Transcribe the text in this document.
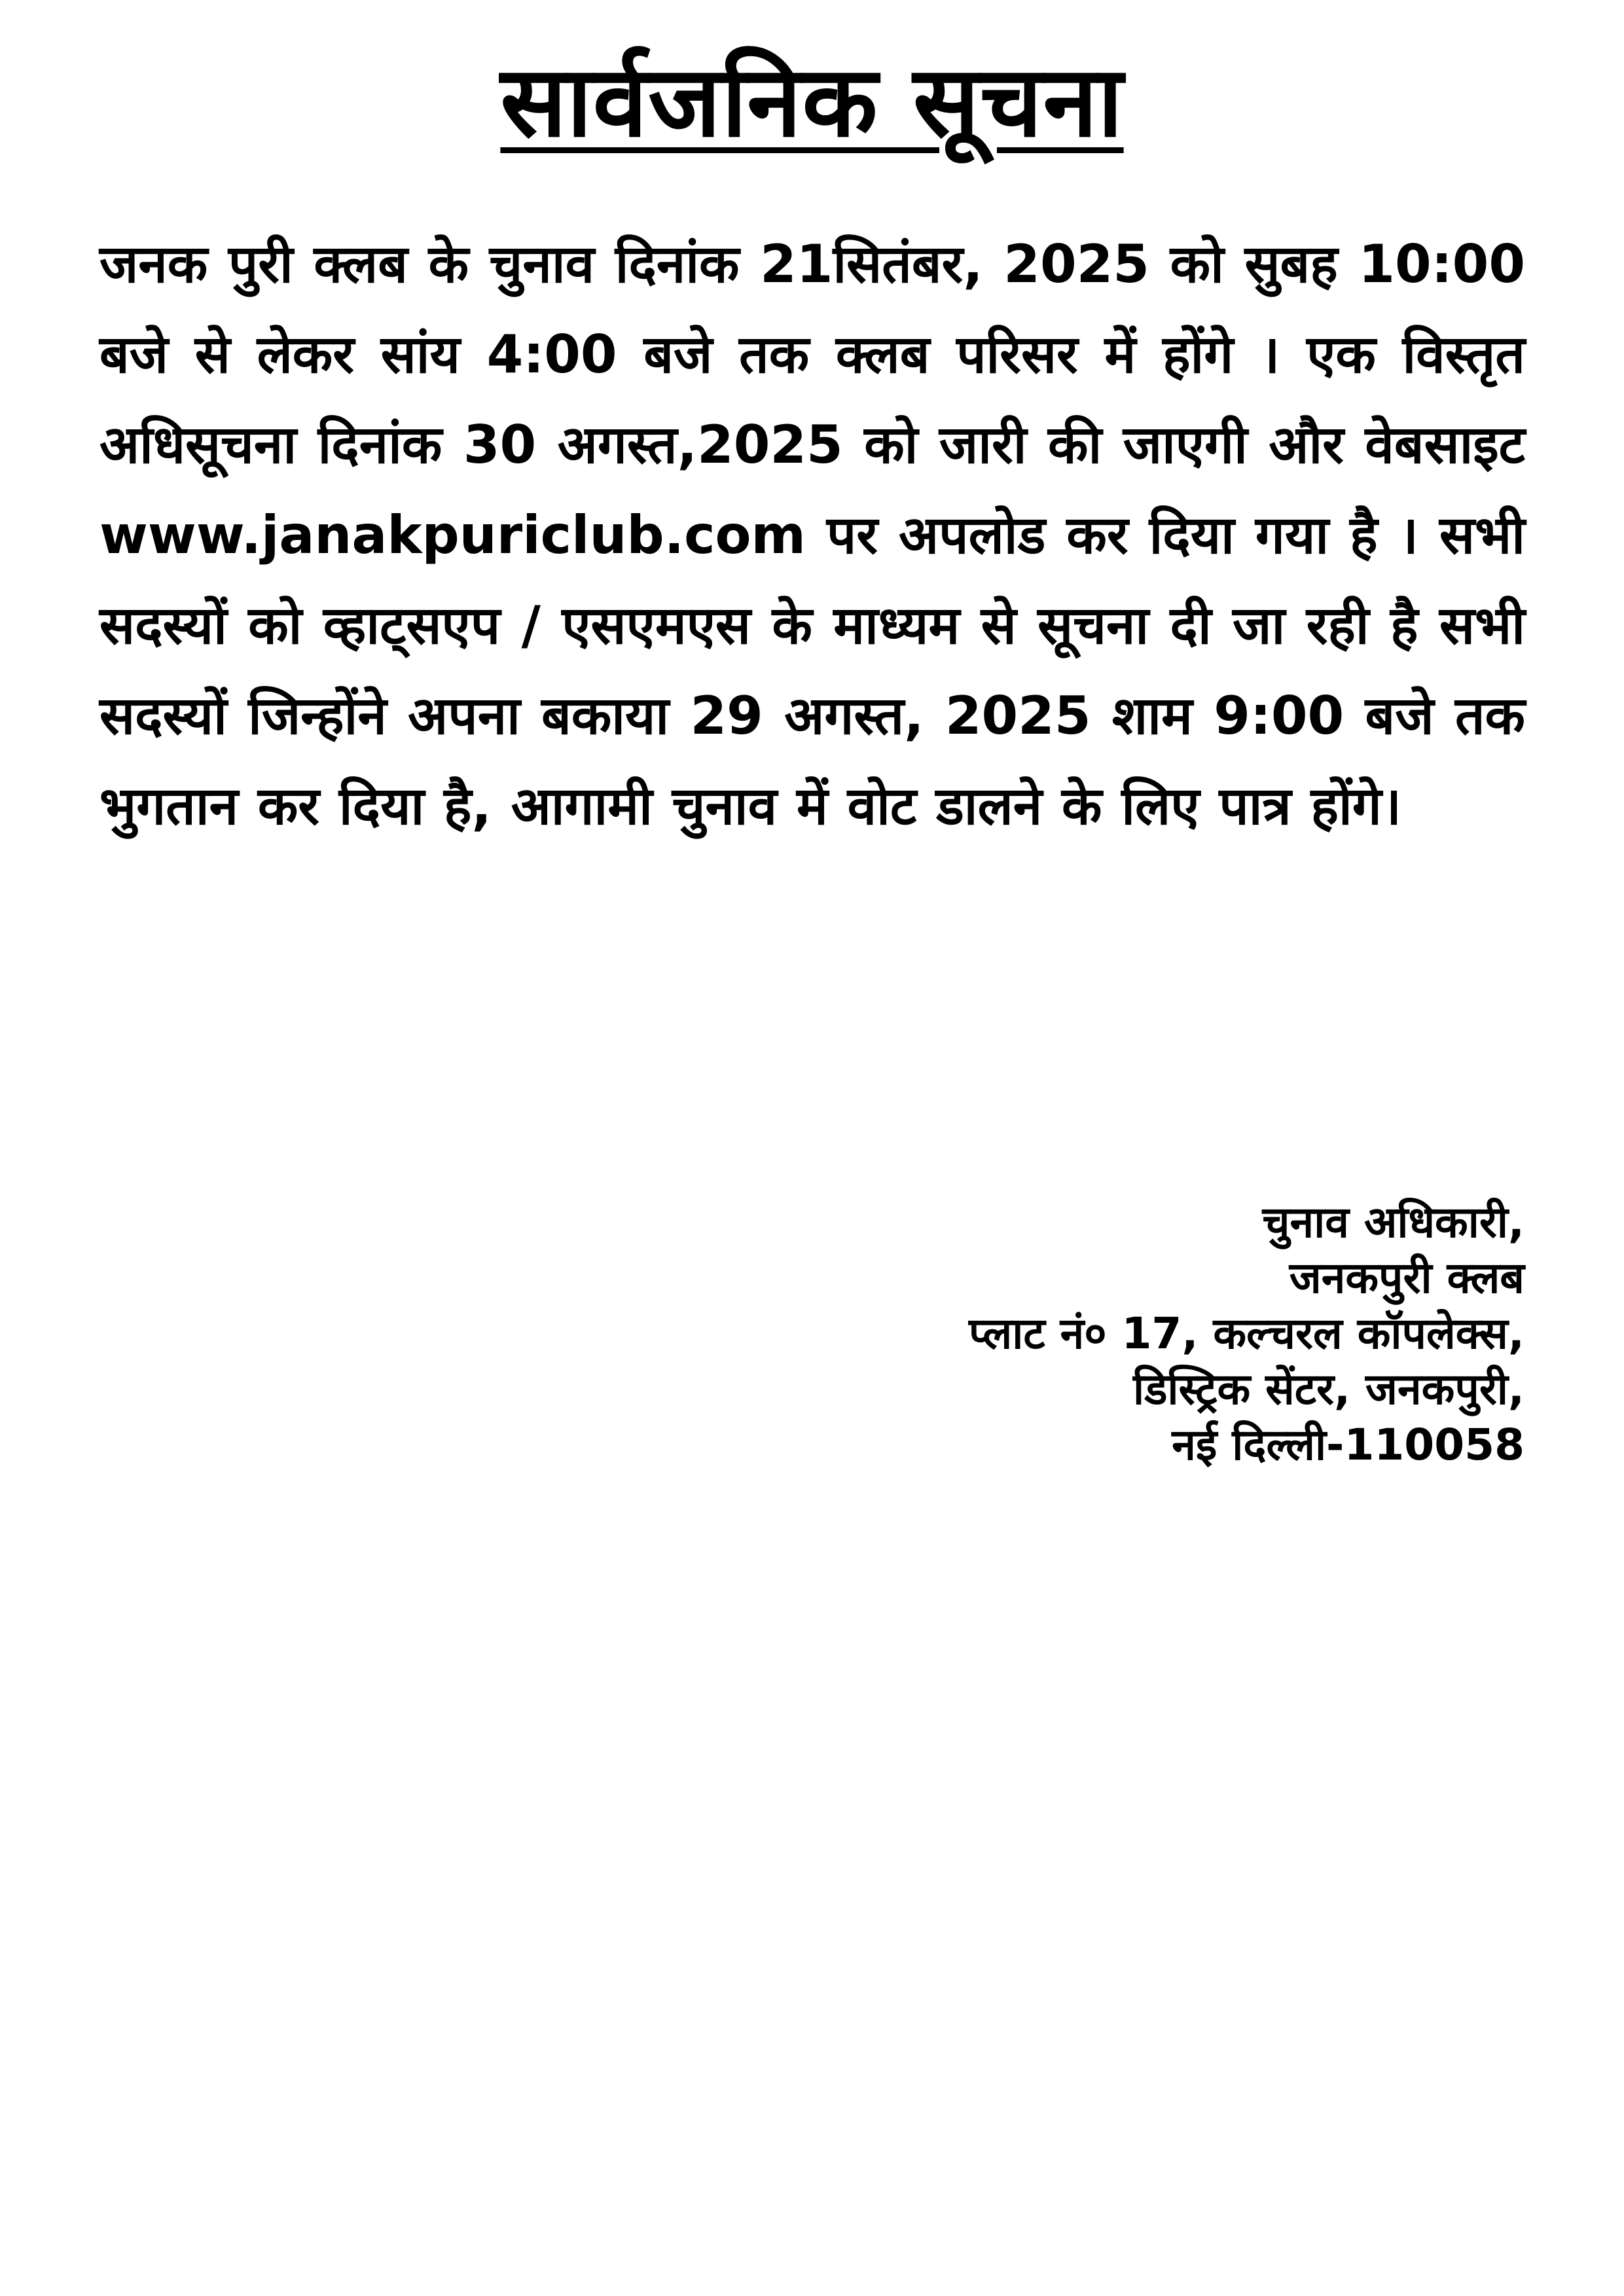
सार्वजनिक सूचना
जनक पुरी क्लब के चुनाव दिनांक 21सितंबर, 2025 को सुबह 10:00 बजे से लेकर सांय 4:00 बजे तक क्लब परिसर में होंगे । एक विस्तृत अधिसूचना दिनांक 30 अगस्त,2025 को जारी की जाएगी और वेबसाइट www.janakpuriclub.com पर अपलोड कर दिया गया है । सभी सदस्यों को व्हाट्सएप / एसएमएस के माध्यम से सूचना दी जा रही है सभी सदस्यों जिन्होंने अपना बकाया 29 अगस्त, 2025 शाम 9:00 बजे तक भुगतान कर दिया है, आगामी चुनाव में वोट डालने के लिए पात्र होंगे।
चुनाव अधिकारी,
जनकपुरी क्लब
प्लाट नं० 17, कल्चरल कॉपलेक्स,
डिस्ट्रिक सेंटर, जनकपुरी,
नई दिल्ली-110058
